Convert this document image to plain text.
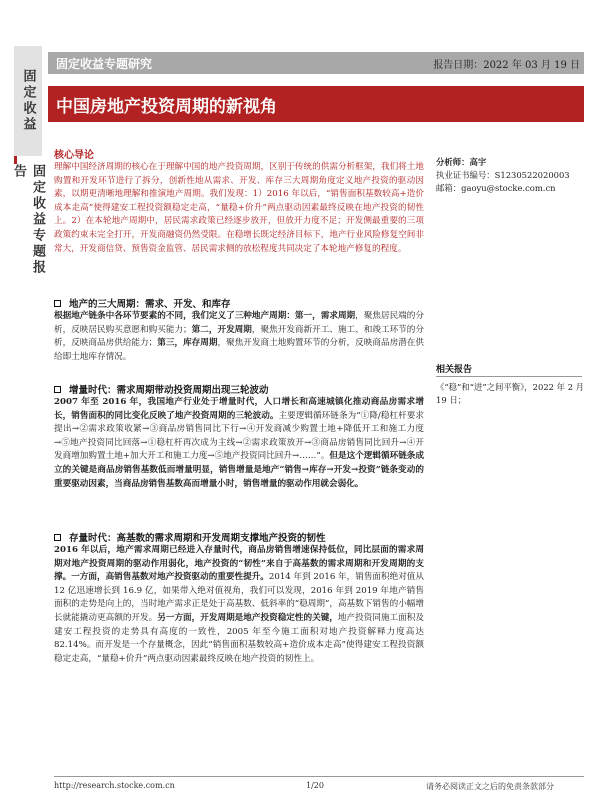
固定收益
固定收益专题报告
固定收益专题研究	报告日期：2022 年 03 月 19 日
中国房地产投资周期的新视角
核心导论
理解中国经济周期的核心在于理解中国的地产投资周期，区别于传统的供需分析框架，我们将土地购置和开发环节进行了拆分，创新性地从需求、开发、库存三大周期角度定义地产投资的驱动因素，以期更清晰地理解和推演地产周期。我们发现：1）2016 年以后，“销售面积基数较高+造价成本走高”使得建安工程投资额稳定走高，“量稳+价升”两点驱动因素最终反映在地产投资的韧性上。2）在本轮地产周期中，居民需求政策已经逐步放开，但放开力度不足；开发侧最重要的三项政策约束未完全打开，开发商融资仍然受限。在稳增长既定经济目标下，地产行业风险修复空间非常大，开发商信贷、预售资金监管、居民需求侧的放松程度共同决定了本轮地产修复的程度。
地产的三大周期：需求、开发、和库存
根据地产链条中各环节要素的不同，我们定义了三种地产周期：第一，需求周期，聚焦居民端的分析，反映居民购买意愿和购买能力；第二，开发周期，聚焦开发商新开工、施工、和竣工环节的分析，反映商品房供给能力；第三，库存周期，聚焦开发商土地购置环节的分析，反映商品房潜在供给即土地库存情况。
增量时代：需求周期带动投资周期出现三轮波动
2007 年至 2016 年，我国地产行业处于增量时代，人口增长和高速城镇化推动商品房需求增长，销售面积的同比变化反映了地产投资周期的三轮波动。主要逻辑循环链条为“①降/稳杠杆要求提出→②需求政策收紧→③商品房销售同比下行→④开发商减少购置土地+降低开工和施工力度→⑤地产投资同比回落→①稳杠杆再次成为主线→②需求政策放开→③商品房销售同比回升→④开发商增加购置土地+加大开工和施工力度→⑤地产投资同比回升→……”。但是这个逻辑循环链条成立的关键是商品房销售基数低而增量明显，销售增量是地产“销售→库存→开发→投资”链条变动的重要驱动因素，当商品房销售基数高而增量小时，销售增量的驱动作用就会弱化。
存量时代：高基数的需求周期和开发周期支撑地产投资的韧性
2016 年以后，地产需求周期已经进入存量时代，商品房销售增速保持低位，同比层面的需求周期对地产投资周期的驱动作用弱化，地产投资的“韧性”来自于高基数的需求周期和开发周期的支撑。一方面，高销售基数对地产投资驱动的重要性提升。2014 年到 2016 年，销售面积绝对值从 12 亿迅速增长到 16.9 亿，如果带入绝对值视角，我们可以发现，2016 年到 2019 年地产销售面积的走势是向上的，当时地产需求正是处于高基数、低斜率的“稳周期”，高基数下销售的小幅增长就能撬动更高额的开发。另一方面，开发周期是地产投资稳定性的关键，地产投资同施工面积及建安工程投资的走势具有高度的一致性，2005 年至今施工面积对地产投资解释力度高达 82.14%。而开发是一个存量概念，因此“销售面积基数较高+造价成本走高”使得建安工程投资额稳定走高，“量稳+价升”两点驱动因素最终反映在地产投资的韧性上。
分析师：高宇
执业证书编号：S1230522020003
邮箱：gaoyu@stocke.com.cn
相关报告
《“稳”和“进”之间平衡》，2022 年 2 月 19 日；
http://research.stocke.com.cn	1/20	请务必阅读正文之后的免责条款部分
